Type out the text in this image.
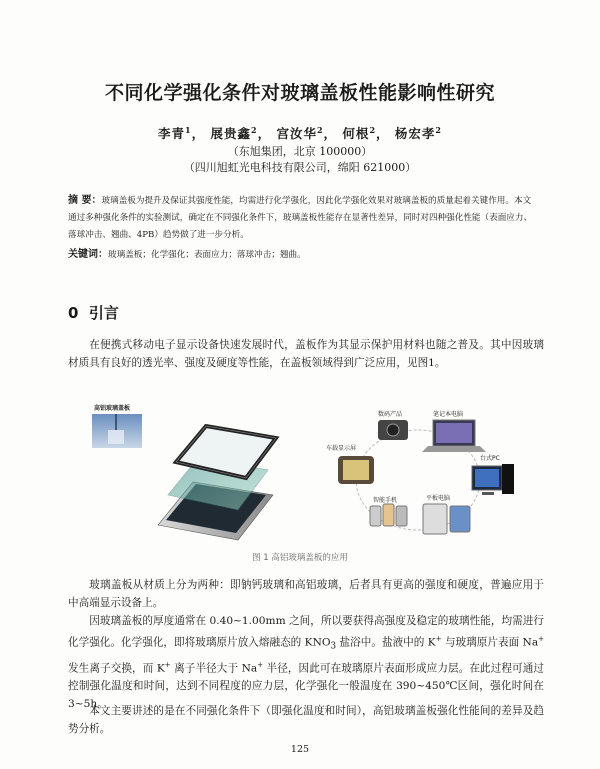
不同化学强化条件对玻璃盖板性能影响性研究
李青$^1$， 展贵鑫$^2$， 宫汝华$^2$， 何根$^2$， 杨宏孝$^2$
（东旭集团，北京 100000）
（四川旭虹光电科技有限公司，绵阳 621000）
摘 要：玻璃盖板为提升及保证其强度性能，均需进行化学强化，因此化学强化效果对玻璃盖板的质量起着关键作用。本文通过多种强化条件的实验测试，确定在不同强化条件下，玻璃盖板性能存在显著性差异，同时对四种强化性能（表面应力、落球冲击、翘曲、4PB）趋势做了进一步分析。
关键词：玻璃盖板；化学强化；表面应力；落球冲击；翘曲。
0 引言
在便携式移动电子显示设备快速发展时代，盖板作为其显示保护用材料也随之普及。其中因玻璃材质具有良好的透光率、强度及硬度等性能，在盖板领域得到广泛应用，见图1。
高铝玻璃盖板
数码产品	笔记本电脑
车载显示屏
台式PC
智能手机	平板电脑
图 1 高铝玻璃盖板的应用
玻璃盖板从材质上分为两种：即钠钙玻璃和高铝玻璃，后者具有更高的强度和硬度，普遍应用于中高端显示设备上。
因玻璃盖板的厚度通常在 0.40~1.00mm 之间，所以要获得高强度及稳定的玻璃性能，均需进行化学强化。化学强化，即将玻璃原片放入熔融态的 $KNO_3$ 盐浴中。盐液中的 K+ 与玻璃原片表面 Na+ 发生离子交换，而 K+ 离子半径大于 Na+ 半径，因此可在玻璃原片表面形成应力层。在此过程可通过控制强化温度和时间，达到不同程度的应力层，化学强化一般温度在 390~450℃区间，强化时间在 3~5h。
本文主要讲述的是在不同强化条件下（即强化温度和时间），高铝玻璃盖板强化性能间的差异及趋势分析。
125
